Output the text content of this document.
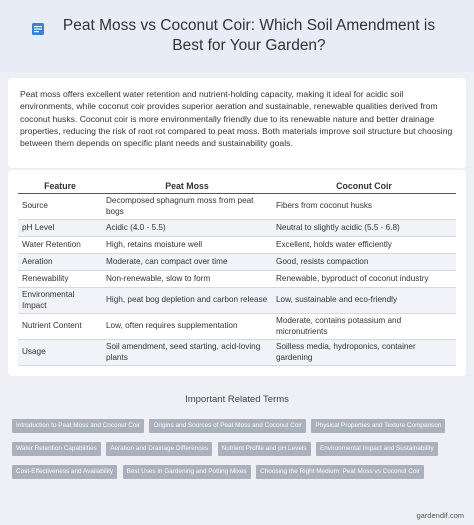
Peat Moss vs Coconut Coir: Which Soil Amendment is Best for Your Garden?

Peat moss offers excellent water retention and nutrient-holding capacity, making it ideal for acidic soil environments, while coconut coir provides superior aeration and sustainable, renewable qualities derived from coconut husks. Coconut coir is more environmentally friendly due to its renewable nature and better drainage properties, reducing the risk of root rot compared to peat moss. Both materials improve soil structure but choosing between them depends on specific plant needs and sustainability goals.

Feature	Peat Moss	Coconut Coir
Source	Decomposed sphagnum moss from peat bogs	Fibers from coconut husks
pH Level	Acidic (4.0 - 5.5)	Neutral to slightly acidic (5.5 - 6.8)
Water Retention	High, retains moisture well	Excellent, holds water efficiently
Aeration	Moderate, can compact over time	Good, resists compaction
Renewability	Non-renewable, slow to form	Renewable, byproduct of coconut industry
Environmental Impact	High, peat bog depletion and carbon release	Low, sustainable and eco-friendly
Nutrient Content	Low, often requires supplementation	Moderate, contains potassium and micronutrients
Usage	Soil amendment, seed starting, acid-loving plants	Soilless media, hydroponics, container gardening
Important Related Terms
Introduction to Peat Moss and Coconut Coir Origins and Sources of Peat Moss and Coconut Coir Physical Properties and Texture Comparison Water Retention Capabilities Aeration and Drainage Differences Nutrient Profile and pH Levels Environmental Impact and Sustainability Cost-Effectiveness and Availability Best Uses in Gardening and Potting Mixes Choosing the Right Medium: Peat Moss vs Coconut Coir
gardendif.com
